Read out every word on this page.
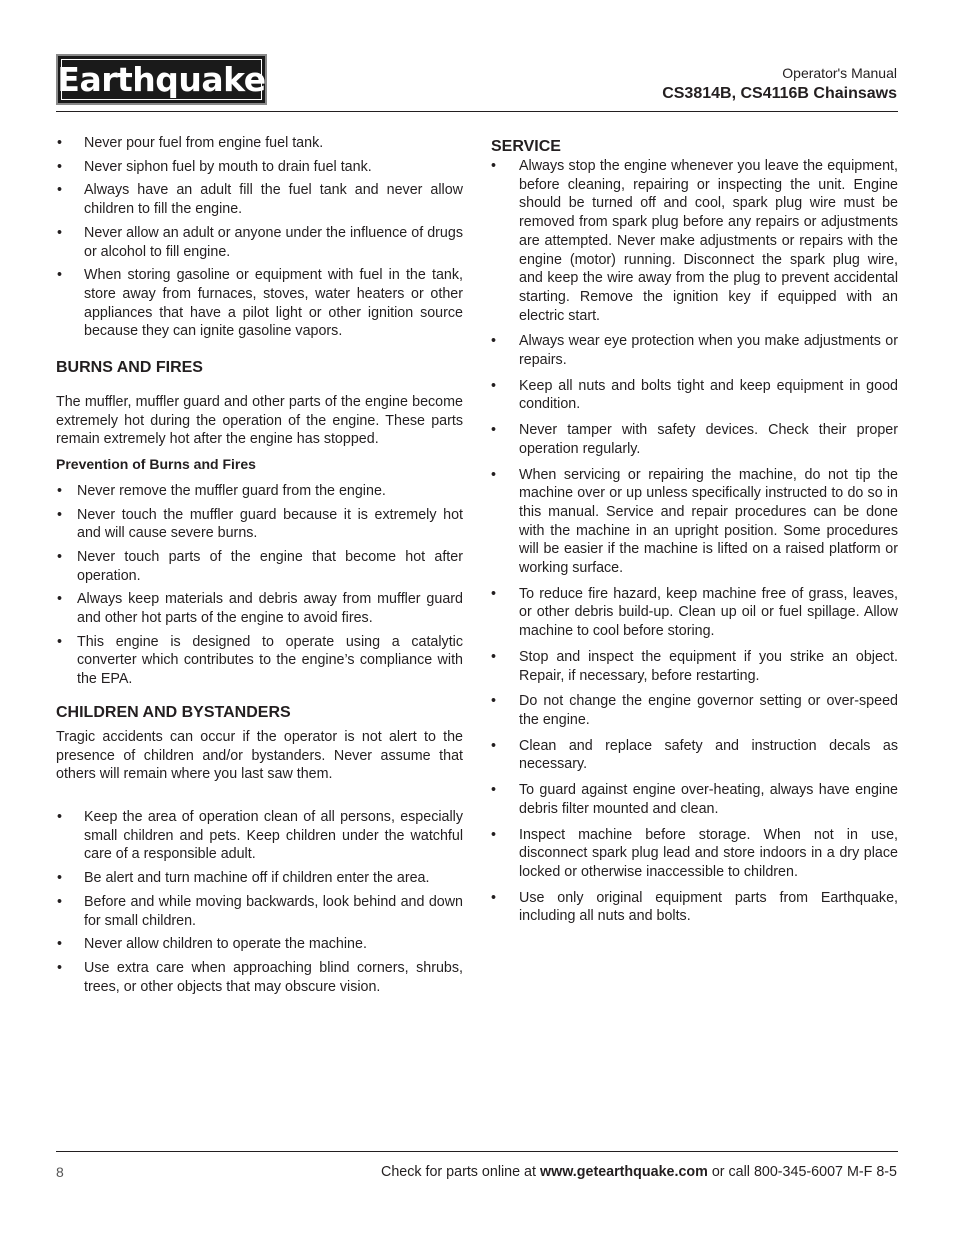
Earthquake	Operator's Manual
CS3814B, CS4116B Chainsaws
• Never pour fuel from engine fuel tank.
• Never siphon fuel by mouth to drain fuel tank.
• Always have an adult fill the fuel tank and never allow children to fill the engine.
• Never allow an adult or anyone under the influence of drugs or alcohol to fill engine.
• When storing gasoline or equipment with fuel in the tank, store away from furnaces, stoves, water heaters or other appliances that have a pilot light or other ignition source because they can ignite gasoline vapors.
BURNS AND FIRES

The muffler, muffler guard and other parts of the engine become extremely hot during the operation of the engine. These parts remain extremely hot after the engine has stopped.

Prevention of Burns and Fires

• Never remove the muffler guard from the engine.
• Never touch the muffler guard because it is extremely hot and will cause severe burns.
• Never touch parts of the engine that become hot after operation.
• Always keep materials and debris away from muffler guard and other hot parts of the engine to avoid fires.
• This engine is designed to operate using a catalytic converter which contributes to the engine’s compliance with the EPA.
CHILDREN AND BYSTANDERS

Tragic accidents can occur if the operator is not alert to the presence of children and/or bystanders. Never assume that others will remain where you last saw them.

• Keep the area of operation clean of all persons, especially small children and pets. Keep children under the watchful care of a responsible adult.
• Be alert and turn machine off if children enter the area.
• Before and while moving backwards, look behind and down for small children.
• Never allow children to operate the machine.
• Use extra care when approaching blind corners, shrubs, trees, or other objects that may obscure vision.
SERVICE
• Always stop the engine whenever you leave the equipment, before cleaning, repairing or inspecting the unit. Engine should be turned off and cool, spark plug wire must be removed from spark plug before any repairs or adjustments are attempted. Never make adjustments or repairs with the engine (motor) running. Disconnect the spark plug wire, and keep the wire away from the plug to prevent accidental starting. Remove the ignition key if equipped with an electric start.
• Always wear eye protection when you make adjustments or repairs.
• Keep all nuts and bolts tight and keep equipment in good condition.
• Never tamper with safety devices. Check their proper operation regularly.
• When servicing or repairing the machine, do not tip the machine over or up unless specifically instructed to do so in this manual. Service and repair procedures can be done with the machine in an upright position. Some procedures will be easier if the machine is lifted on a raised platform or working surface.
• To reduce fire hazard, keep machine free of grass, leaves, or other debris build-up. Clean up oil or fuel spillage. Allow machine to cool before storing.
• Stop and inspect the equipment if you strike an object. Repair, if necessary, before restarting.
• Do not change the engine governor setting or over-speed the engine.
• Clean and replace safety and instruction decals as necessary.
• To guard against engine over-heating, always have engine debris filter mounted and clean.
• Inspect machine before storage. When not in use, disconnect spark plug lead and store indoors in a dry place locked or otherwise inaccessible to children.
• Use only original equipment parts from Earthquake, including all nuts and bolts.
8	Check for parts online at www.getearthquake.com or call 800-345-6007 M-F 8-5
